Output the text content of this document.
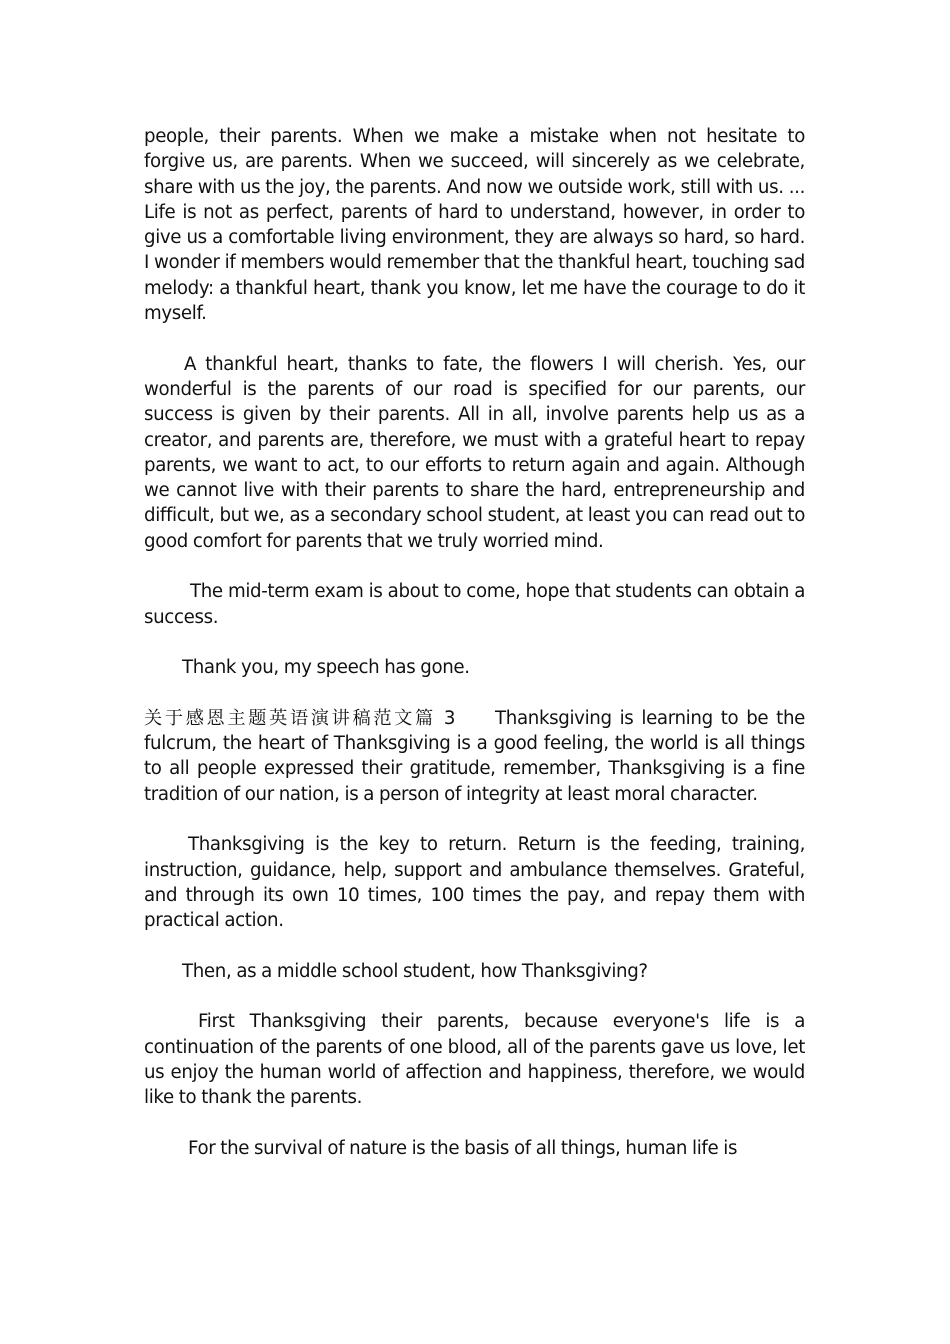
people, their parents. When we make a mistake when not hesitate to forgive us, are parents. When we succeed, will sincerely as we celebrate, share with us the joy, the parents. And now we outside work, still with us. ... Life is not as perfect, parents of hard to understand, however, in order to give us a comfortable living environment, they are always so hard, so hard. I wonder if members would remember that the thankful heart, touching sad melody: a thankful heart, thank you know, let me have the courage to do it myself.

A thankful heart, thanks to fate, the flowers I will cherish. Yes, our wonderful is the parents of our road is specified for our parents, our success is given by their parents. All in all, involve parents help us as a creator, and parents are, therefore, we must with a grateful heart to repay parents, we want to act, to our efforts to return again and again. Although we cannot live with their parents to share the hard, entrepreneurship and difficult, but we, as a secondary school student, at least you can read out to good comfort for parents that we truly worried mind.

The mid-term exam is about to come, hope that students can obtain a success.

Thank you, my speech has gone.

关于感恩主题英语演讲稿范文篇 3 Thanksgiving is learning to be the fulcrum, the heart of Thanksgiving is a good feeling, the world is all things to all people expressed their gratitude, remember, Thanksgiving is a fine tradition of our nation, is a person of integrity at least moral character.

Thanksgiving is the key to return. Return is the feeding, training, instruction, guidance, help, support and ambulance themselves. Grateful, and through its own 10 times, 100 times the pay, and repay them with practical action.

Then, as a middle school student, how Thanksgiving?

First Thanksgiving their parents, because everyone's life is a continuation of the parents of one blood, all of the parents gave us love, let us enjoy the human world of affection and happiness, therefore, we would like to thank the parents.

For the survival of nature is the basis of all things, human life is
